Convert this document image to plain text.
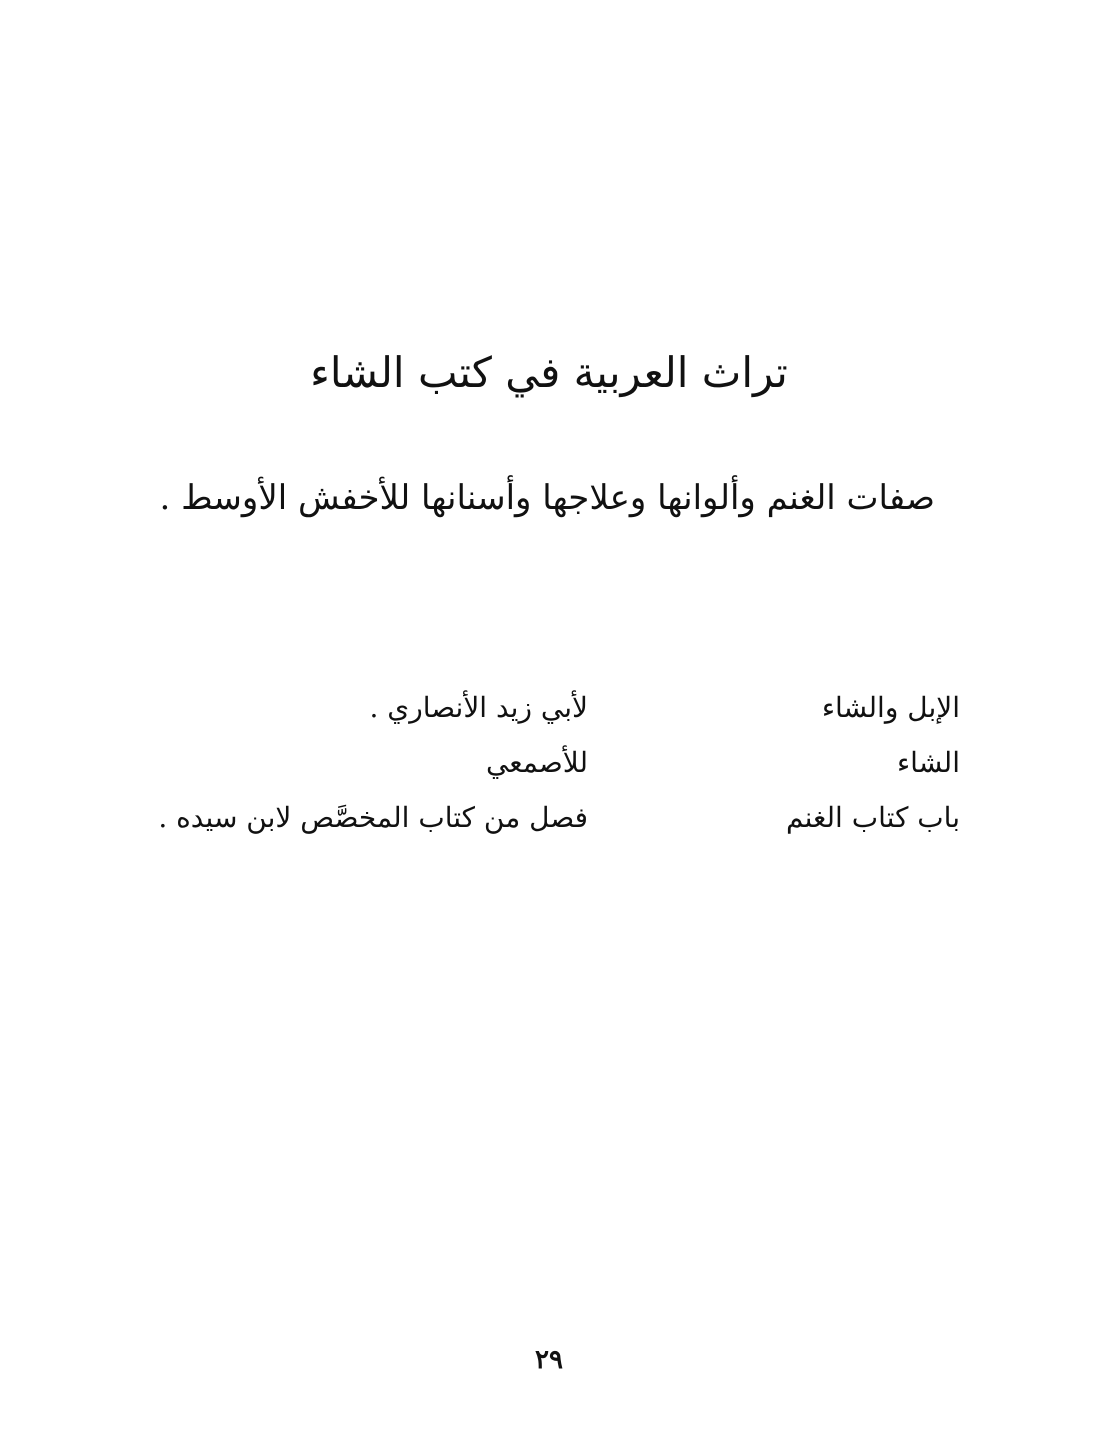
تراث العربية في كتب الشاء
صفات الغنم وألوانها وعلاجها وأسنانها للأخفش الأوسط .
الإبل والشاء
لأبي زيد الأنصاري .
الشاء
للأصمعي
باب كتاب الغنم
فصل من كتاب المخصَّص لابن سيده .
٢٩
